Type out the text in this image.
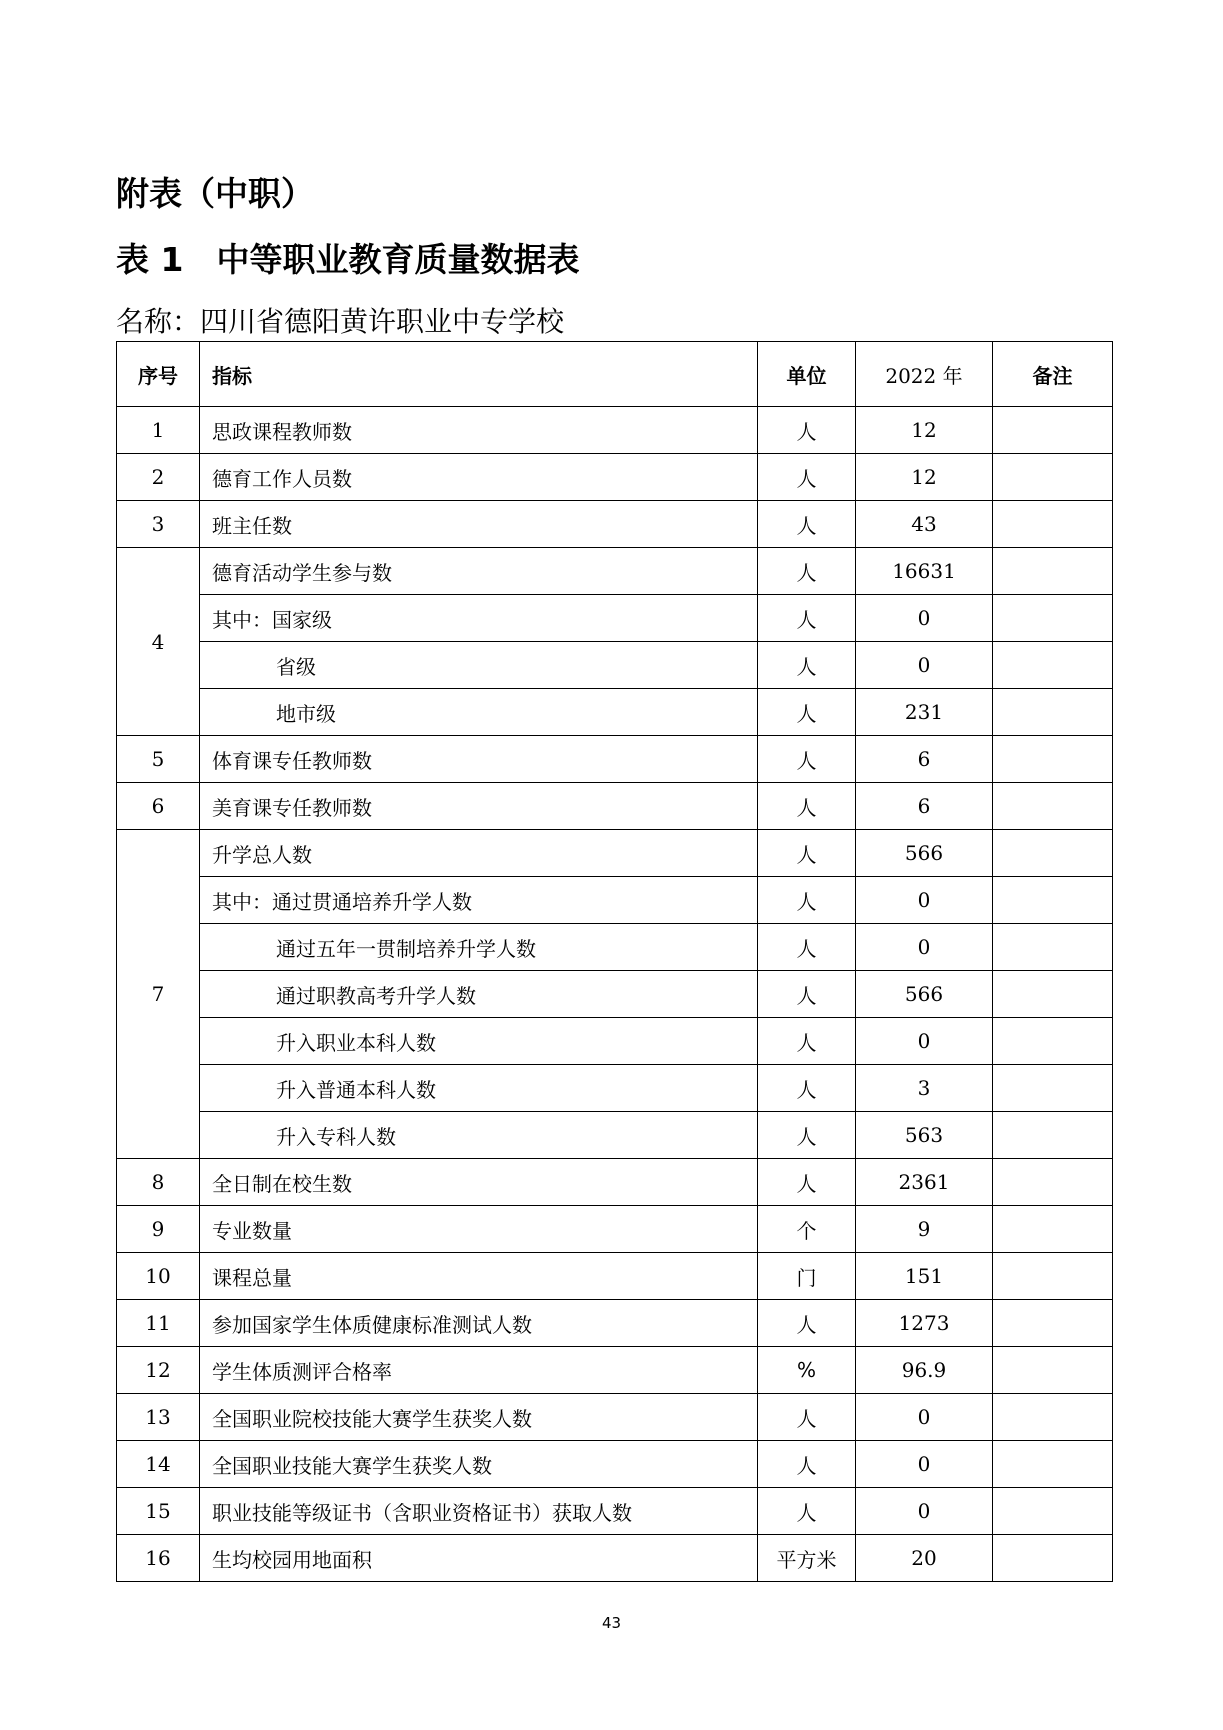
附表（中职）
表 1　中等职业教育质量数据表

名称：四川省德阳黄许职业中专学校

序号	指标	单位	2022 年	备注
1	思政课程教师数	人	12	
2	德育工作人员数	人	12	
3	班主任数	人	43	
4	德育活动学生参与数	人	16631	
	其中：国家级	人	0	
	省级	人	0	
	地市级	人	231	
5	体育课专任教师数	人	6	
6	美育课专任教师数	人	6	
7	升学总人数	人	566	
	其中：通过贯通培养升学人数	人	0	
	通过五年一贯制培养升学人数	人	0	
	通过职教高考升学人数	人	566	
	升入职业本科人数	人	0	
	升入普通本科人数	人	3	
	升入专科人数	人	563	
8	全日制在校生数	人	2361	
9	专业数量	个	9	
10	课程总量	门	151	
11	参加国家学生体质健康标准测试人数	人	1273	
12	学生体质测评合格率	%	96.9	
13	全国职业院校技能大赛学生获奖人数	人	0	
14	全国职业技能大赛学生获奖人数	人	0	
15	职业技能等级证书（含职业资格证书）获取人数	人	0	
16	生均校园用地面积	平方米	20	
43
